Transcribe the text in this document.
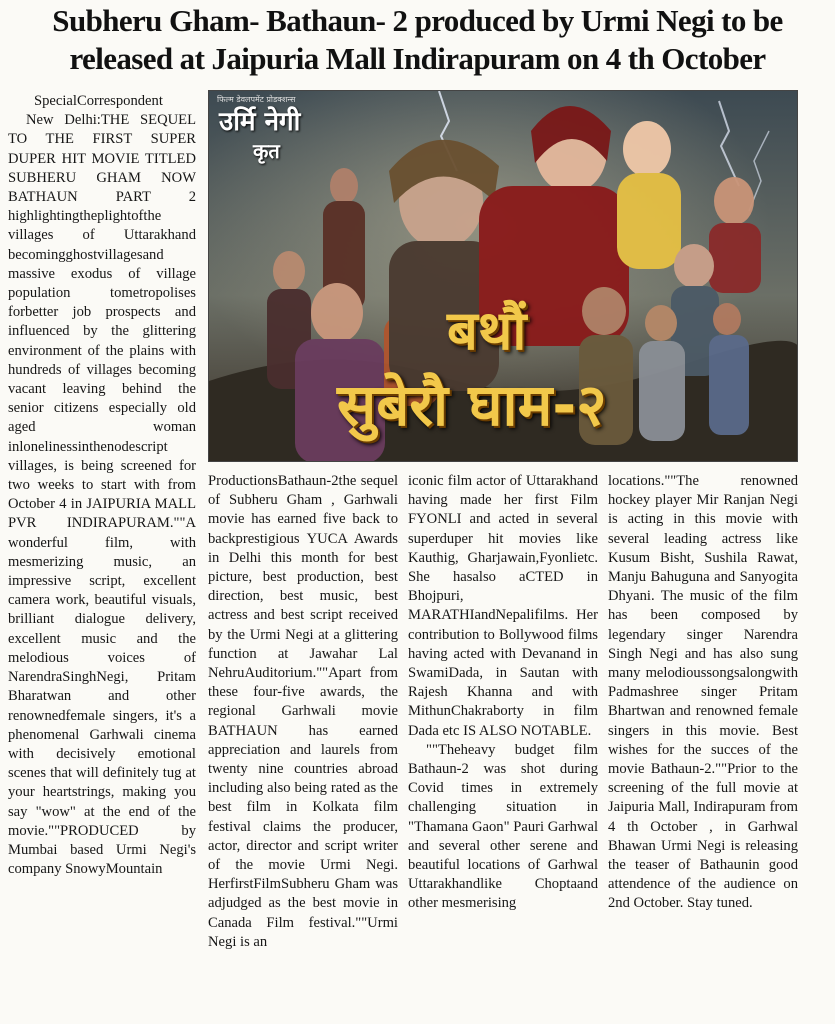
Subheru Gham- Bathaun- 2 produced by Urmi Negi to be
released at Jaipuria Mall Indirapuram on 4 th October

SpecialCorrespondent

New Delhi:THE SEQUEL TO THE FIRST SUPER DUPER HIT MOVIE TITLED SUBHERU GHAM NOW BATHAUN PART 2 highlightingtheplightofthe villages of Uttarakhand becomingghostvillagesand massive exodus of village population tometropolises forbetter job prospects and influenced by the glittering environment of the plains with hundreds of villages becoming vacant leaving behind the senior citizens especially old aged woman inlonelinessinthenodescript villages, is being screened for two weeks to start with from October 4 in JAIPURIA MALL PVR INDIRAPURAM.""A wonderful film, with mesmerizing music, an impressive script, excellent camera work, beautiful visuals, brilliant dialogue delivery, excellent music and the melodious voices of NarendraSinghNegi, Pritam Bharatwan and other renownedfemale singers, it's a phenomenal Garhwali cinema with decisively emotional scenes that will definitely tug at your heartstrings, making you say "wow" at the end of the movie.""PRODUCED by Mumbai based Urmi Negi's company SnowyMountain

फिल्म डेवलपमेंट प्रोडक्शन्स
उर्मि नेगी
कृत
बथौं
सुबेरौ घाम-२

ProductionsBathaun-2the sequel of Subheru Gham , Garhwali movie has earned five back to backprestigious YUCA Awards in Delhi this month for best picture, best production, best direction, best music, best actress and best script received by the Urmi Negi at a glittering function at Jawahar Lal NehruAuditorium.""Apart from these four-five awards, the regional Garhwali movie BATHAUN has earned appreciation and laurels from twenty nine countries abroad including also being rated as the best film in Kolkata film festival claims the producer, actor, director and script writer of the movie Urmi Negi. HerfirstFilmSubheru Gham was adjudged as the best movie in Canada Film festival.""Urmi Negi is an

iconic film actor of Uttarakhand having made her first Film FYONLI and acted in several superduper hit movies like Kauthig, Gharjawain,Fyonlietc. She hasalso aCTED in Bhojpuri, MARATHIandNepalifilms. Her contribution to Bollywood films having acted with Devanand in SwamiDada, in Sautan with Rajesh Khanna and with MithunChakraborty in film Dada etc IS ALSO NOTABLE.

""Theheavy budget film Bathaun-2 was shot during Covid times in extremely challenging situation in "Thamana Gaon" Pauri Garhwal and several other serene and beautiful locations of Garhwal Uttarakhandlike Choptaand other mesmerising

locations.""The renowned hockey player Mir Ranjan Negi is acting in this movie with several leading actress like Kusum Bisht, Sushila Rawat, Manju Bahuguna and Sanyogita Dhyani. The music of the film has been composed by legendary singer Narendra Singh Negi and has also sung many melodioussongsalongwith Padmashree singer Pritam Bhartwan and renowned female singers in this movie. Best wishes for the succes of the movie Bathaun-2.""Prior to the screening of the full movie at Jaipuria Mall, Indirapuram from 4 th October , in Garhwal Bhawan Urmi Negi is releasing the teaser of Bathaunin good attendence of the audience on 2nd October. Stay tuned.
